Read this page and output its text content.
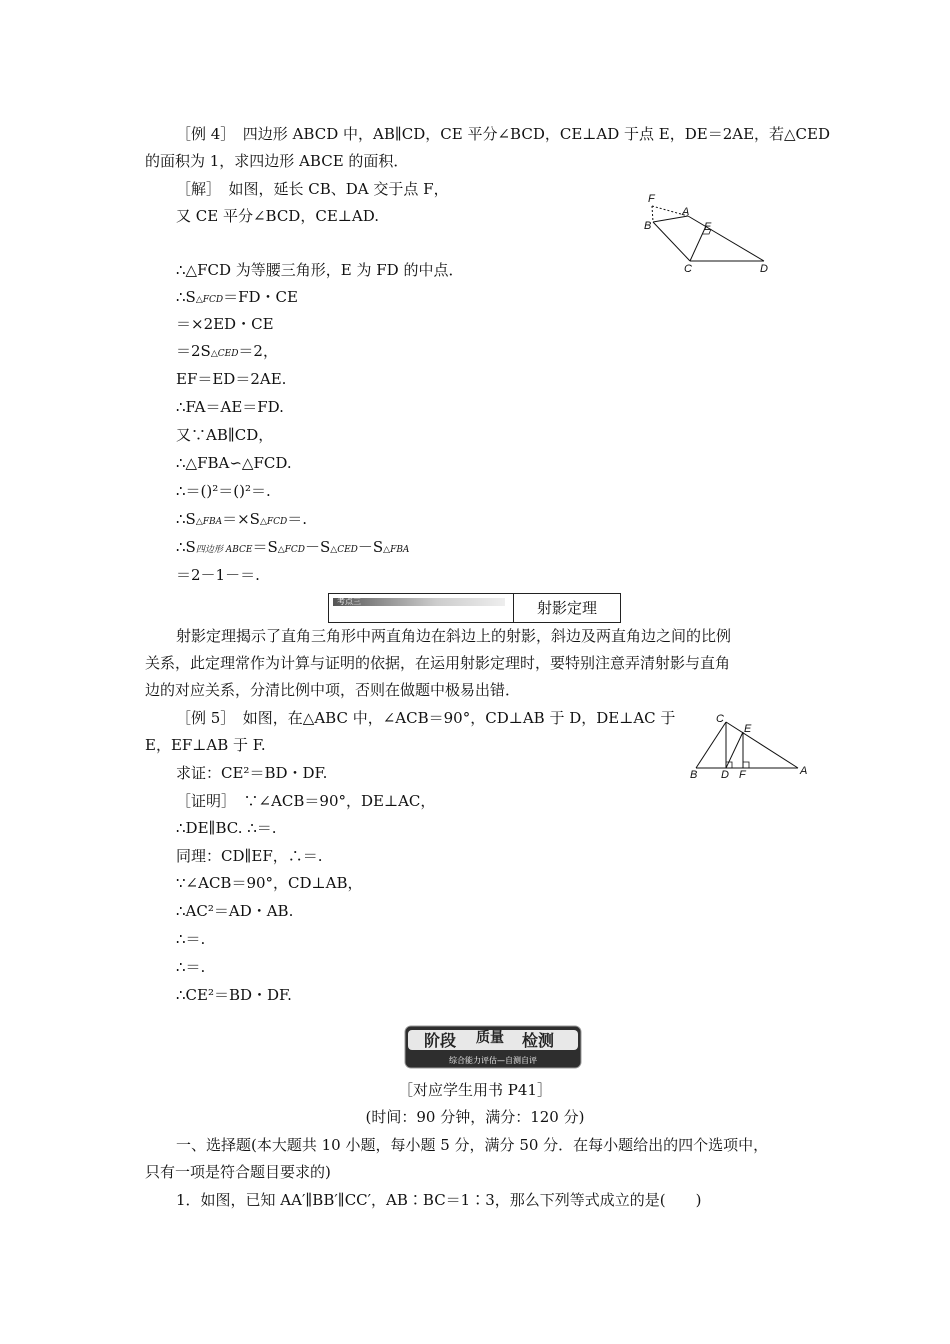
［例 4］　四边形 ABCD 中，AB∥CD，CE 平分∠BCD，CE⊥AD 于点 E，DE＝2AE，若△CED
的面积为 1，求四边形 ABCE 的面积．
［解］　如图，延长 CB、DA 交于点 F，
又 CE 平分∠BCD，CE⊥AD.
∴△FCD 为等腰三角形，E 为 FD 的中点．
∴S△FCD＝FD・CE
＝×2ED・CE
＝2S△CED＝2，
EF＝ED＝2AE.
∴FA＝AE＝FD.
又∵AB∥CD，
∴△FBA∽△FCD.
∴＝()²＝()²＝.
∴S△FBA＝×S△FCD＝.
∴S四边形 ABCE＝S△FCD－S△CED－S△FBA
＝2－1－＝.
F
A
B	E
C	D
考点三	射影定理
射影定理揭示了直角三角形中两直角边在斜边上的射影，斜边及两直角边之间的比例
关系，此定理常作为计算与证明的依据，在运用射影定理时，要特别注意弄清射影与直角
边的对应关系，分清比例中项，否则在做题中极易出错．
［例 5］　如图，在△ABC 中，∠ACB＝90°，CD⊥AB 于 D，DE⊥AC 于
E，EF⊥AB 于 F.
求证：CE²＝BD・DF.
［证明］　∵∠ACB＝90°，DE⊥AC，
∴DE∥BC. ∴＝.
同理：CD∥EF，∴＝.
∵∠ACB＝90°，CD⊥AB，
∴AC²＝AD・AB.
∴＝.
∴＝.
∴CE²＝BD・DF.
C
E
B D F	A
阶段 质量 检测
综合能力评估—自测自评
［对应学生用书 P41］
(时间：90 分钟，满分：120 分)
一、选择题(本大题共 10 小题，每小题 5 分，满分 50 分．在每小题给出的四个选项中，
只有一项是符合题目要求的)
1．如图，已知 AA′∥BB′∥CC′，AB∶BC＝1∶3，那么下列等式成立的是(　　)
